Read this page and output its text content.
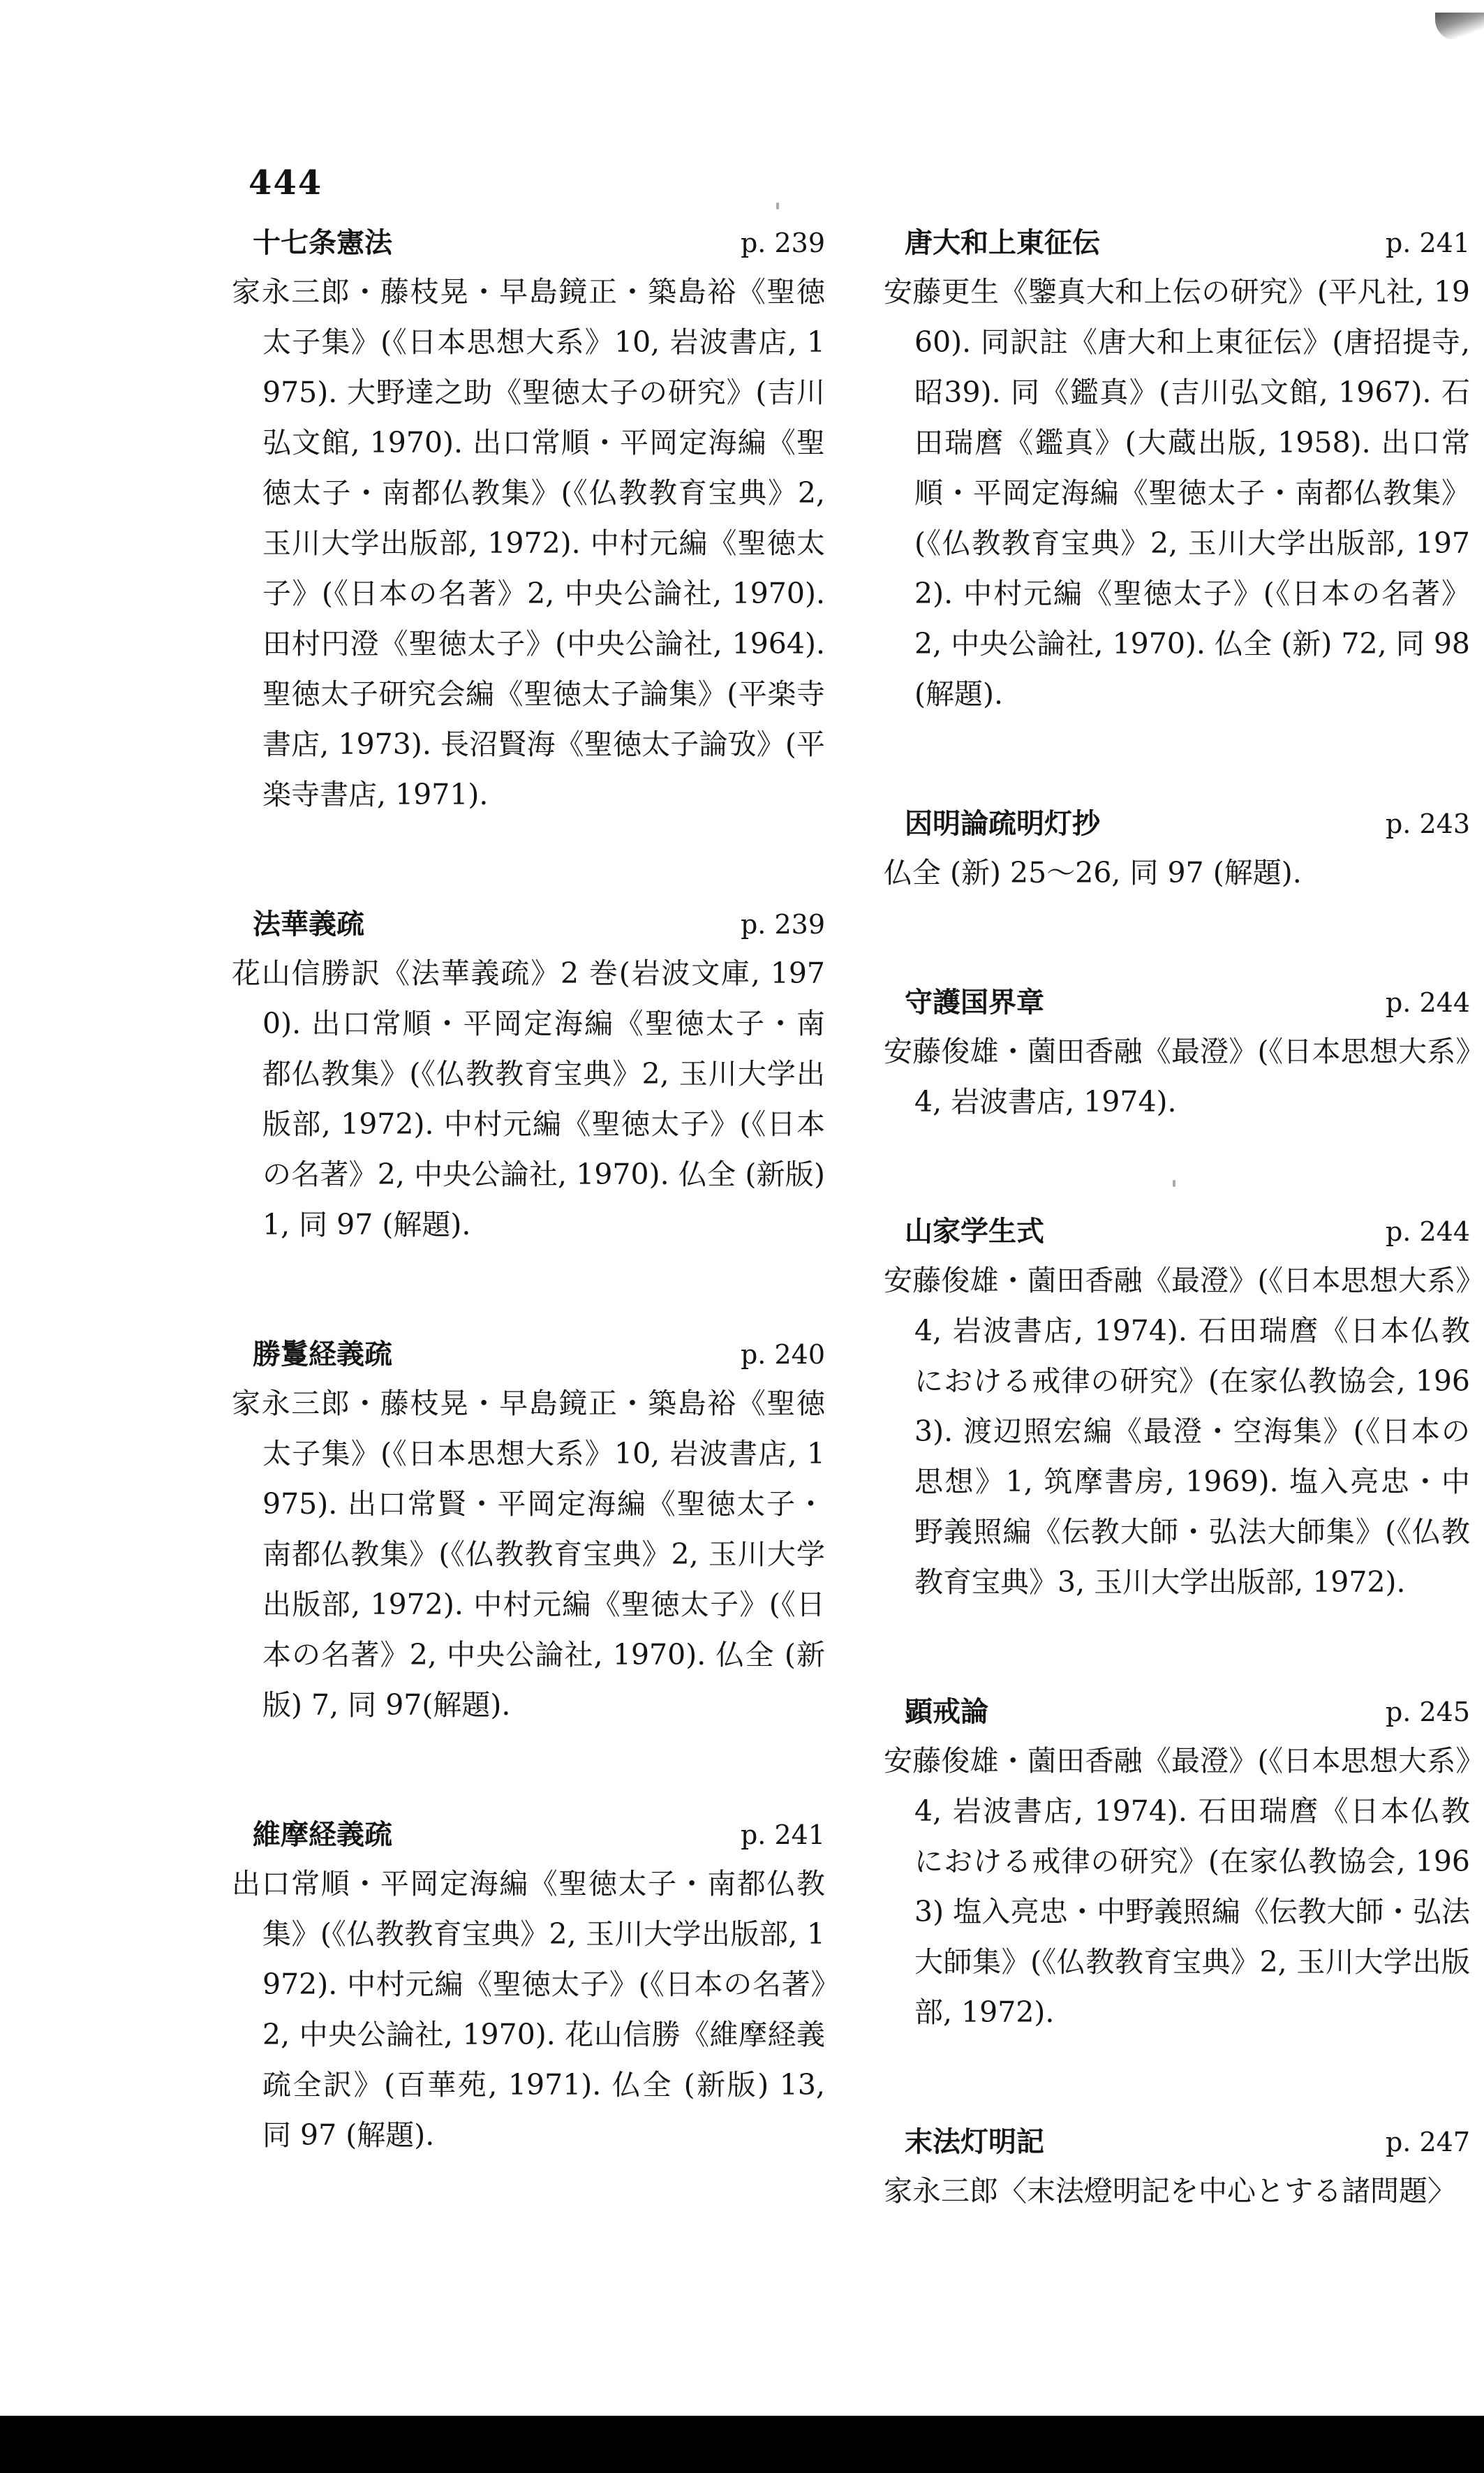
444
十七条憲法	p. 239
家永三郎・藤枝晃・早島鏡正・築島裕《聖徳太子集》(《日本思想大系》10, 岩波書店, 1975). 大野達之助《聖徳太子の研究》(吉川弘文館, 1970). 出口常順・平岡定海編《聖徳太子・南都仏教集》(《仏教教育宝典》2, 玉川大学出版部, 1972). 中村元編《聖徳太子》(《日本の名著》2, 中央公論社, 1970). 田村円澄《聖徳太子》(中央公論社, 1964). 聖徳太子研究会編《聖徳太子論集》(平楽寺書店, 1973). 長沼賢海《聖徳太子論攷》(平楽寺書店, 1971).
法華義疏	p. 239
花山信勝訳《法華義疏》2 巻(岩波文庫, 1970). 出口常順・平岡定海編《聖徳太子・南都仏教集》(《仏教教育宝典》2, 玉川大学出版部, 1972). 中村元編《聖徳太子》(《日本の名著》2, 中央公論社, 1970). 仏全 (新版) 1, 同 97 (解題).
勝鬘経義疏	p. 240
家永三郎・藤枝晃・早島鏡正・築島裕《聖徳太子集》(《日本思想大系》10, 岩波書店, 1975). 出口常賢・平岡定海編《聖徳太子・南都仏教集》(《仏教教育宝典》2, 玉川大学出版部, 1972). 中村元編《聖徳太子》(《日本の名著》2, 中央公論社, 1970). 仏全 (新版) 7, 同 97(解題).
維摩経義疏	p. 241
出口常順・平岡定海編《聖徳太子・南都仏教集》(《仏教教育宝典》2, 玉川大学出版部, 1972). 中村元編《聖徳太子》(《日本の名著》2, 中央公論社, 1970). 花山信勝《維摩経義疏全訳》(百華苑, 1971). 仏全 (新版) 13, 同 97 (解題).
唐大和上東征伝	p. 241
安藤更生《鑒真大和上伝の研究》(平凡社, 1960). 同訳註《唐大和上東征伝》(唐招提寺, 昭39). 同《鑑真》(吉川弘文館, 1967). 石田瑞麿《鑑真》(大蔵出版, 1958). 出口常順・平岡定海編《聖徳太子・南都仏教集》(《仏教教育宝典》2, 玉川大学出版部, 1972). 中村元編《聖徳太子》(《日本の名著》2, 中央公論社, 1970). 仏全 (新) 72, 同 98(解題).
因明論疏明灯抄	p. 243
仏全 (新) 25〜26, 同 97 (解題).
守護国界章	p. 244
安藤俊雄・薗田香融《最澄》(《日本思想大系》4, 岩波書店, 1974).
山家学生式	p. 244
安藤俊雄・薗田香融《最澄》(《日本思想大系》4, 岩波書店, 1974). 石田瑞麿《日本仏教における戒律の研究》(在家仏教協会, 1963). 渡辺照宏編《最澄・空海集》(《日本の思想》1, 筑摩書房, 1969). 塩入亮忠・中野義照編《伝教大師・弘法大師集》(《仏教教育宝典》3, 玉川大学出版部, 1972).
顕戒論	p. 245
安藤俊雄・薗田香融《最澄》(《日本思想大系》4, 岩波書店, 1974). 石田瑞麿《日本仏教における戒律の研究》(在家仏教協会, 1963) 塩入亮忠・中野義照編《伝教大師・弘法大師集》(《仏教教育宝典》2, 玉川大学出版部, 1972).
末法灯明記	p. 247
家永三郎〈末法燈明記を中心とする諸問題〉
